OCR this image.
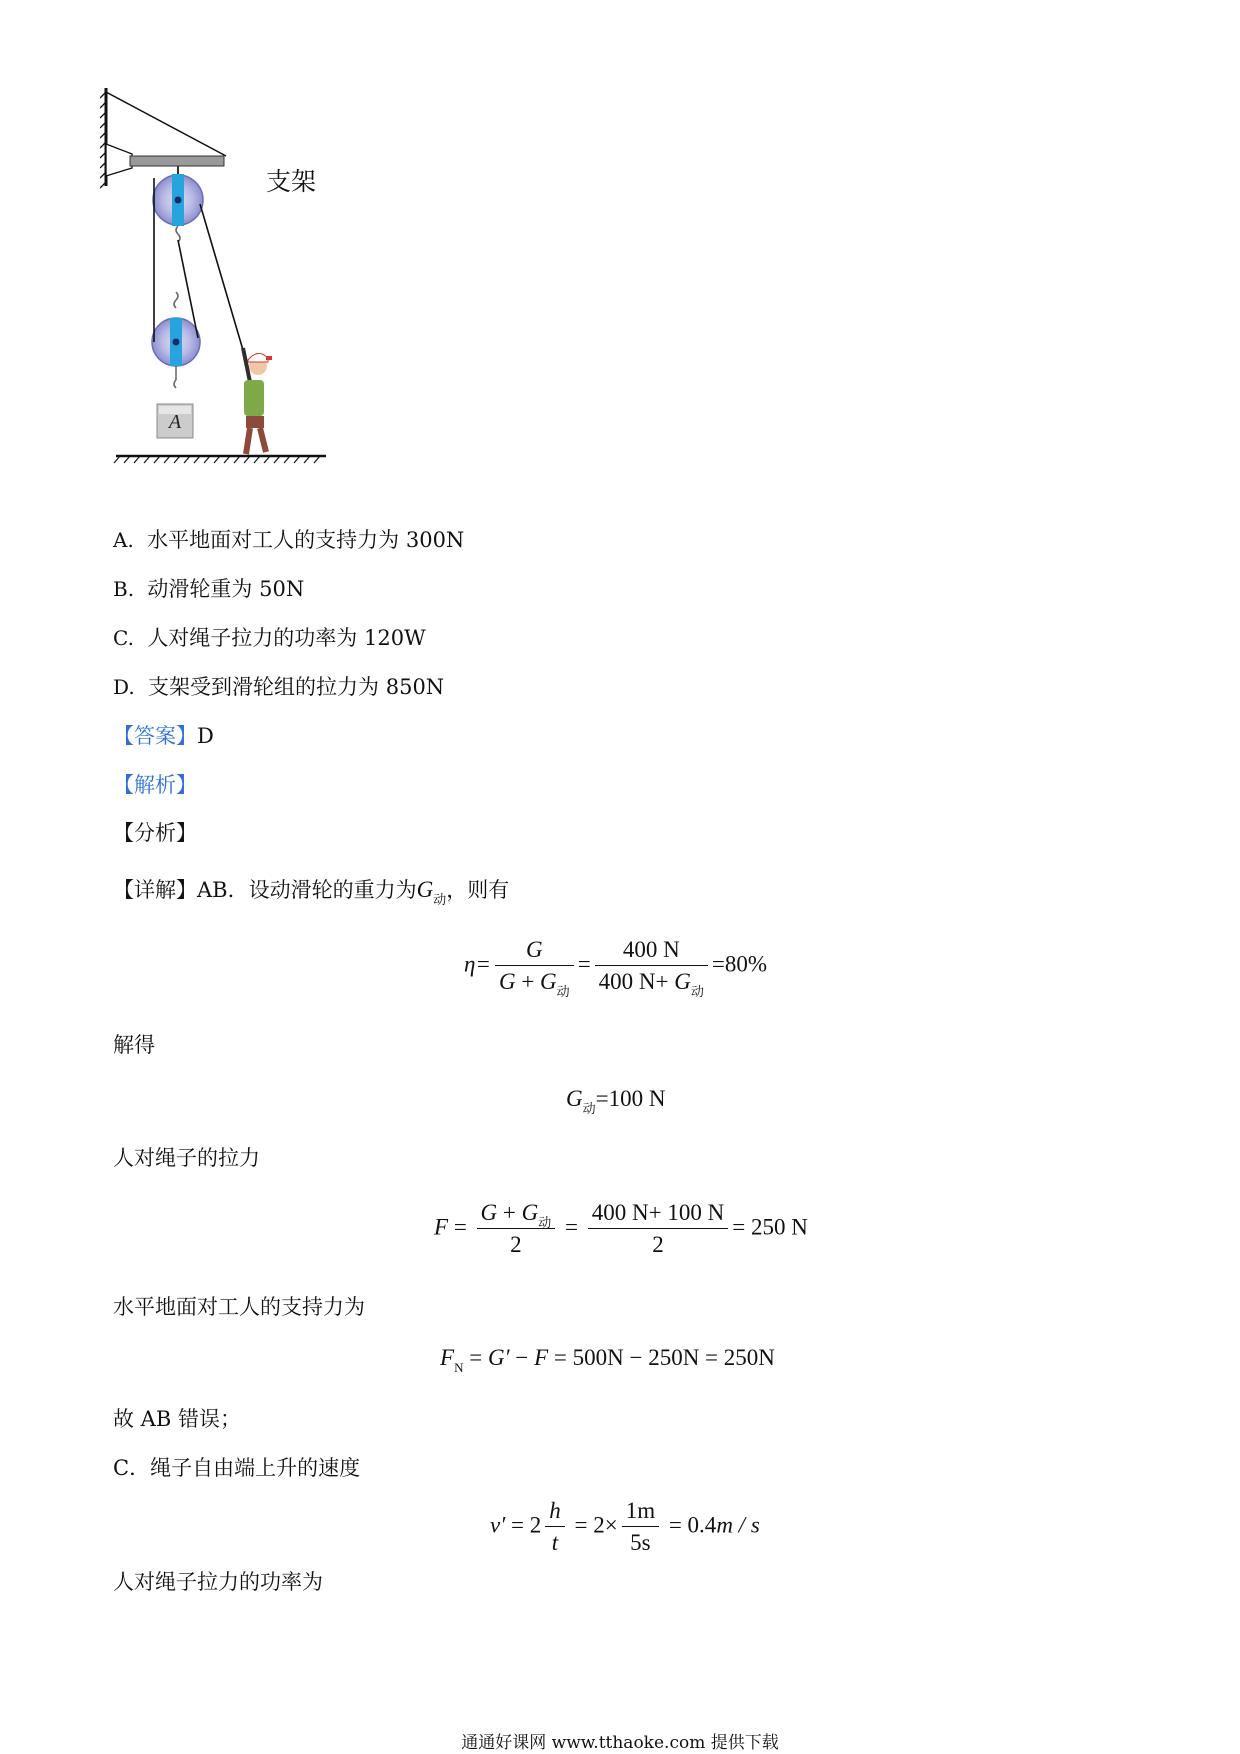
A
支架
A. 水平地面对工人的支持力为 300N
B. 动滑轮重为 50N
C. 人对绳子拉力的功率为 120W
D. 支架受到滑轮组的拉力为 850N
【答案】D
【解析】
【分析】
【详解】AB．设动滑轮的重力为$G_动$，则有
$\eta= \frac{G}{G + G_动} = \frac{400 N}{400 N+ G_动} =80\%$
解得
$G_动=100$ N
人对绳子的拉力
$F = \frac{G + G_动}{2} = \frac{400 N+ 100 N}{2} = 250$ N
水平地面对工人的支持力为
$F_N = G' - F = 500N - 250N = 250N$
故 AB 错误；
C．绳子自由端上升的速度
$v' = 2 \frac{h}{t} = 2\times \frac{1m}{5s} = 0.4m / s$
人对绳子拉力的功率为
通通好课网 www.tthaoke.com 提供下载
